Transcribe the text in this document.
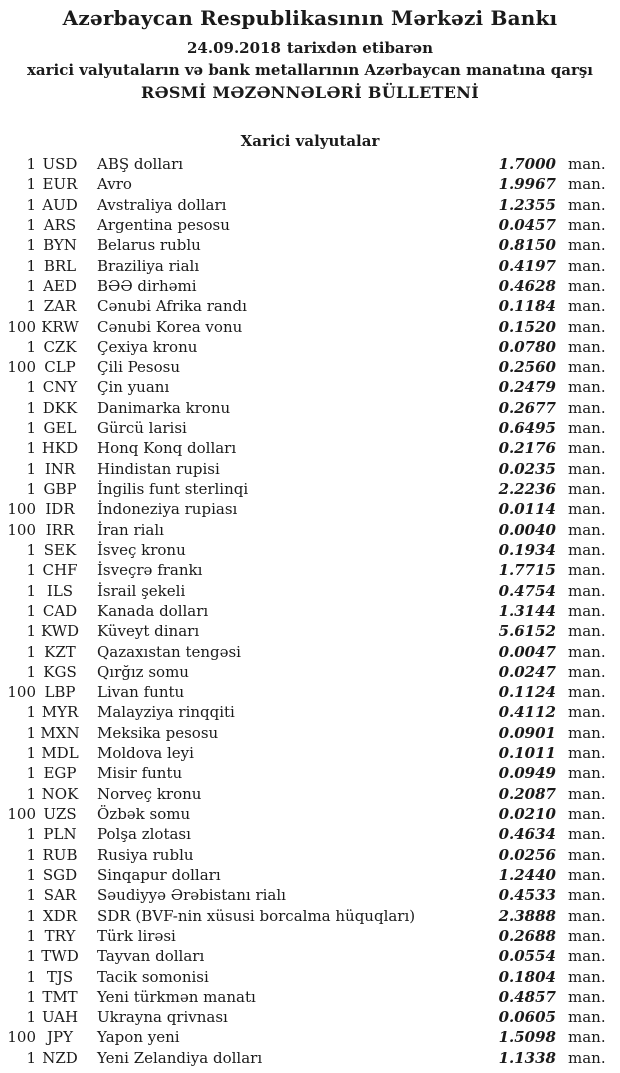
Azərbaycan Respublikasının Mərkəzi Bankı
24.09.2018 tarixdən etibarən
xarici valyutaların və bank metallarının Azərbaycan manatına qarşı
RƏSMİ MƏZƏNNƏLƏRİ BÜLLETENİ
Xarici valyutalar
1 USD	ABŞ dolları	1.7000 man.
1 EUR	Avro	1.9967 man.
1 AUD	Avstraliya dolları	1.2355 man.
1 ARS	Argentina pesosu	0.0457 man.
1 BYN	Belarus rublu	0.8150 man.
1 BRL	Braziliya rialı	0.4197 man.
1 AED	BƏƏ dirhəmi	0.4628 man.
1 ZAR	Cənubi Afrika randı	0.1184 man.
100 KRW	Cənubi Korea vonu	0.1520 man.
1 CZK	Çexiya kronu	0.0780 man.
100 CLP	Çili Pesosu	0.2560 man.
1 CNY	Çin yuanı	0.2479 man.
1 DKK	Danimarka kronu	0.2677 man.
1 GEL	Gürcü larisi	0.6495 man.
1 HKD	Honq Konq dolları	0.2176 man.
1 INR	Hindistan rupisi	0.0235 man.
1 GBP	İngilis funt sterlinqi	2.2236 man.
100 IDR	İndoneziya rupiası	0.0114 man.
100 IRR	İran rialı	0.0040 man.
1 SEK	İsveç kronu	0.1934 man.
1 CHF	İsveçrə frankı	1.7715 man.
1 ILS	İsrail şekeli	0.4754 man.
1 CAD	Kanada dolları	1.3144 man.
1 KWD	Küveyt dinarı	5.6152 man.
1 KZT	Qazaxıstan tengəsi	0.0047 man.
1 KGS	Qırğız somu	0.0247 man.
100 LBP	Livan funtu	0.1124 man.
1 MYR	Malayziya rinqqiti	0.4112 man.
1 MXN	Meksika pesosu	0.0901 man.
1 MDL	Moldova leyi	0.1011 man.
1 EGP	Misir funtu	0.0949 man.
1 NOK	Norveç kronu	0.2087 man.
100 UZS	Özbək somu	0.0210 man.
1 PLN	Polşa zlotası	0.4634 man.
1 RUB	Rusiya rublu	0.0256 man.
1 SGD	Sinqapur dolları	1.2440 man.
1 SAR	Səudiyyə Ərəbistanı rialı	0.4533 man.
1 XDR	SDR (BVF-nin xüsusi borcalma hüquqları)	2.3888 man.
1 TRY	Türk lirəsi	0.2688 man.
1 TWD	Tayvan dolları	0.0554 man.
1 TJS	Tacik somonisi	0.1804 man.
1 TMT	Yeni türkmən manatı	0.4857 man.
1 UAH	Ukrayna qrivnası	0.0605 man.
100 JPY	Yapon yeni	1.5098 man.
1 NZD	Yeni Zelandiya dolları	1.1338 man.
